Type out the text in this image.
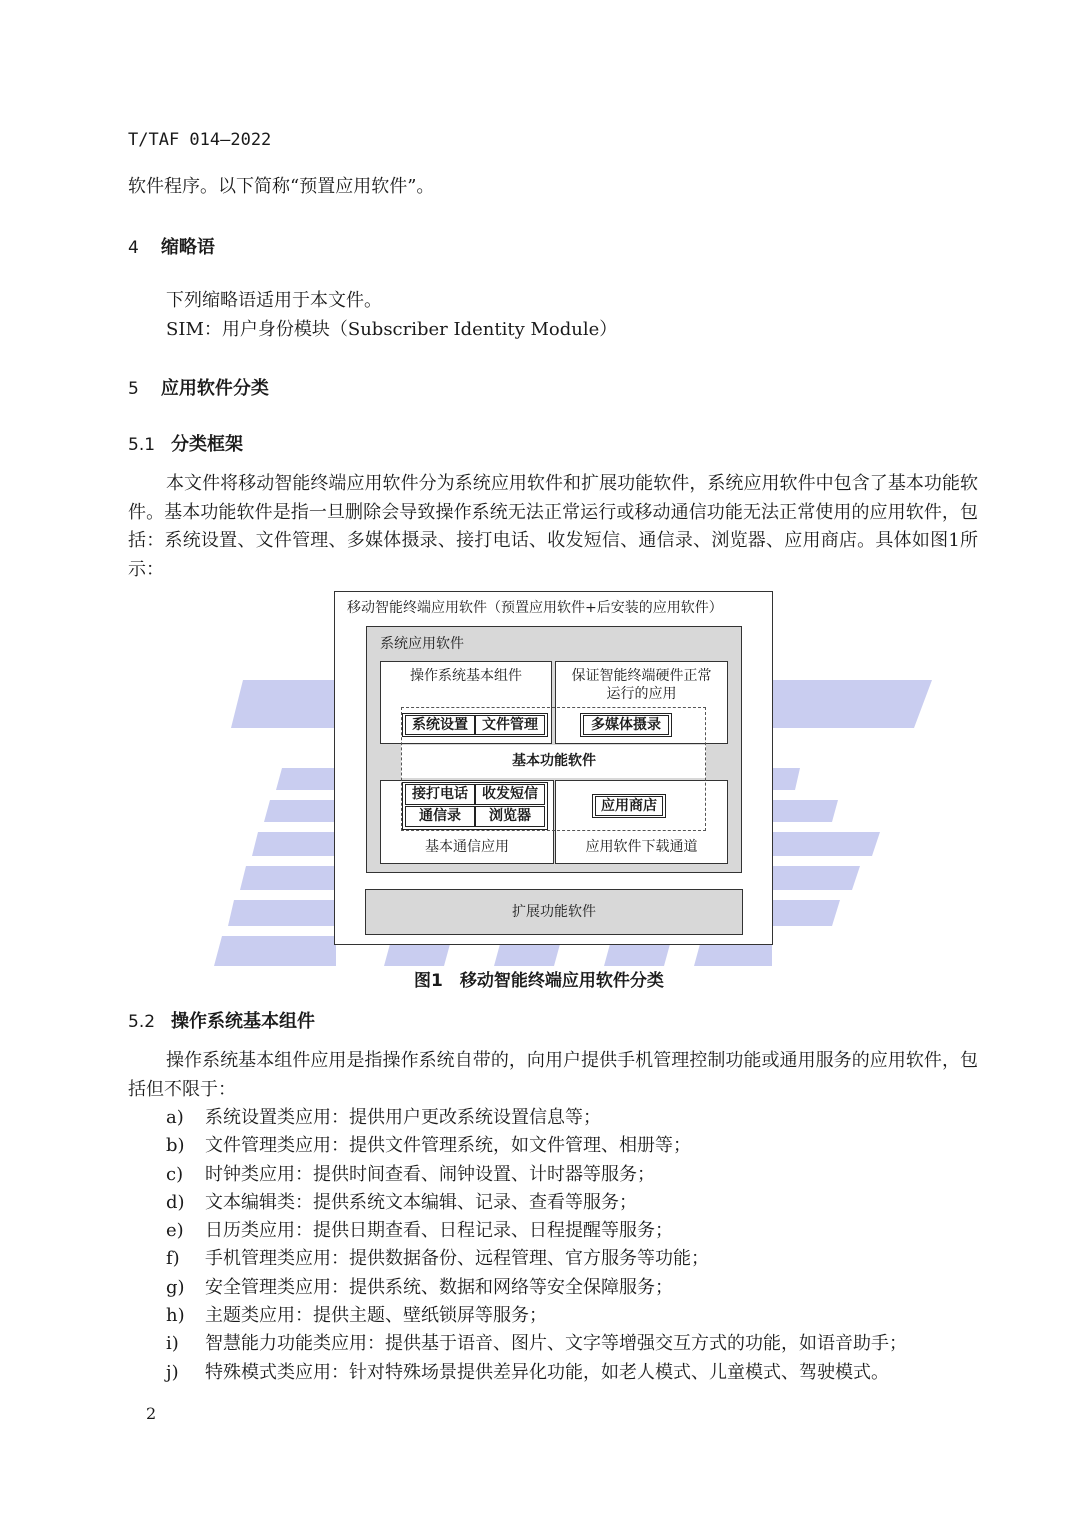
T/TAF 014—2022
软件程序。以下简称“预置应用软件”。
4 缩略语
下列缩略语适用于本文件。
SIM：用户身份模块（Subscriber Identity Module）
5 应用软件分类
5.1 分类框架
本文件将移动智能终端应用软件分为系统应用软件和扩展功能软件，系统应用软件中包含了基本功能软件。基本功能软件是指一旦删除会导致操作系统无法正常运行或移动通信功能无法正常使用的应用软件，包括：系统设置、文件管理、多媒体摄录、接打电话、收发短信、通信录、浏览器、应用商店。具体如图1所示：
移动智能终端应用软件（预置应用软件+后安装的应用软件）
系统应用软件
操作系统基本组件	保证智能终端硬件正常
运行的应用
基本通信应用	应用软件下载通道
基本功能软件
系统设置	文件管理	多媒体摄录
接打电话	收发短信
通信录	浏览器
应用商店
扩展功能软件
图1　移动智能终端应用软件分类
5.2 操作系统基本组件
操作系统基本组件应用是指操作系统自带的，向用户提供手机管理控制功能或通用服务的应用软件，包括但不限于：
a) 系统设置类应用：提供用户更改系统设置信息等；
b) 文件管理类应用：提供文件管理系统，如文件管理、相册等；
c) 时钟类应用：提供时间查看、闹钟设置、计时器等服务；
d) 文本编辑类：提供系统文本编辑、记录、查看等服务；
e) 日历类应用：提供日期查看、日程记录、日程提醒等服务；
f) 手机管理类应用：提供数据备份、远程管理、官方服务等功能；
g) 安全管理类应用：提供系统、数据和网络等安全保障服务；
h) 主题类应用：提供主题、壁纸锁屏等服务；
i) 智慧能力功能类应用：提供基于语音、图片、文字等增强交互方式的功能，如语音助手；
j) 特殊模式类应用：针对特殊场景提供差异化功能，如老人模式、儿童模式、驾驶模式。
2
